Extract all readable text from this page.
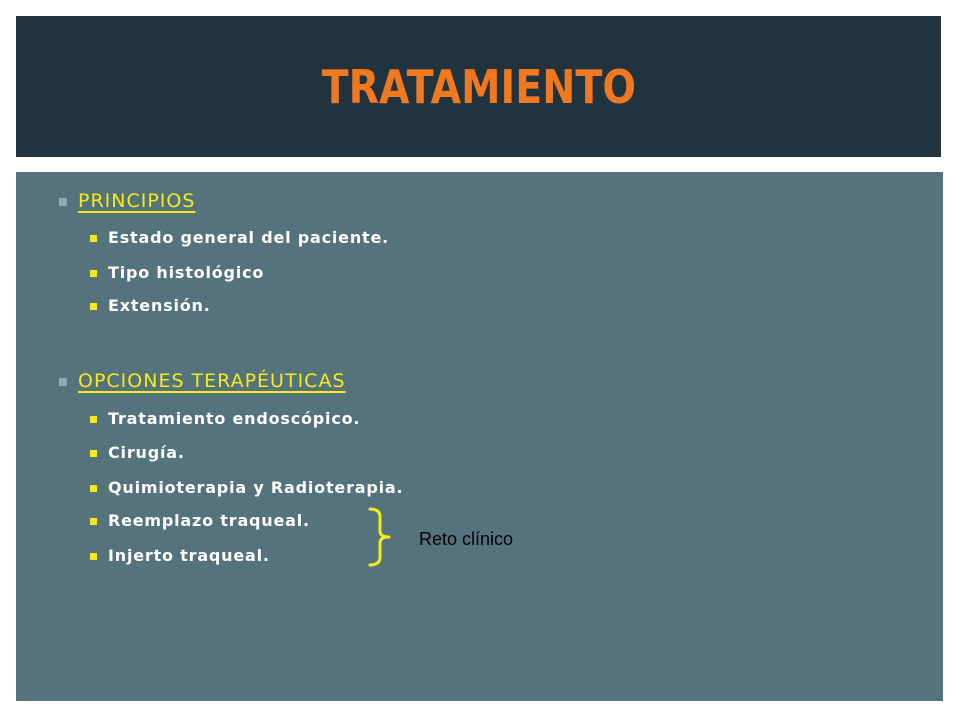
TRATAMIENTO
PRINCIPIOS
Estado general del paciente.
Tipo histológico
Extensión.
OPCIONES TERAPÉUTICAS
Tratamiento endoscópico.
Cirugía.
Quimioterapia y Radioterapia.
Reemplazo traqueal.
Injerto traqueal.
Reto clínico
